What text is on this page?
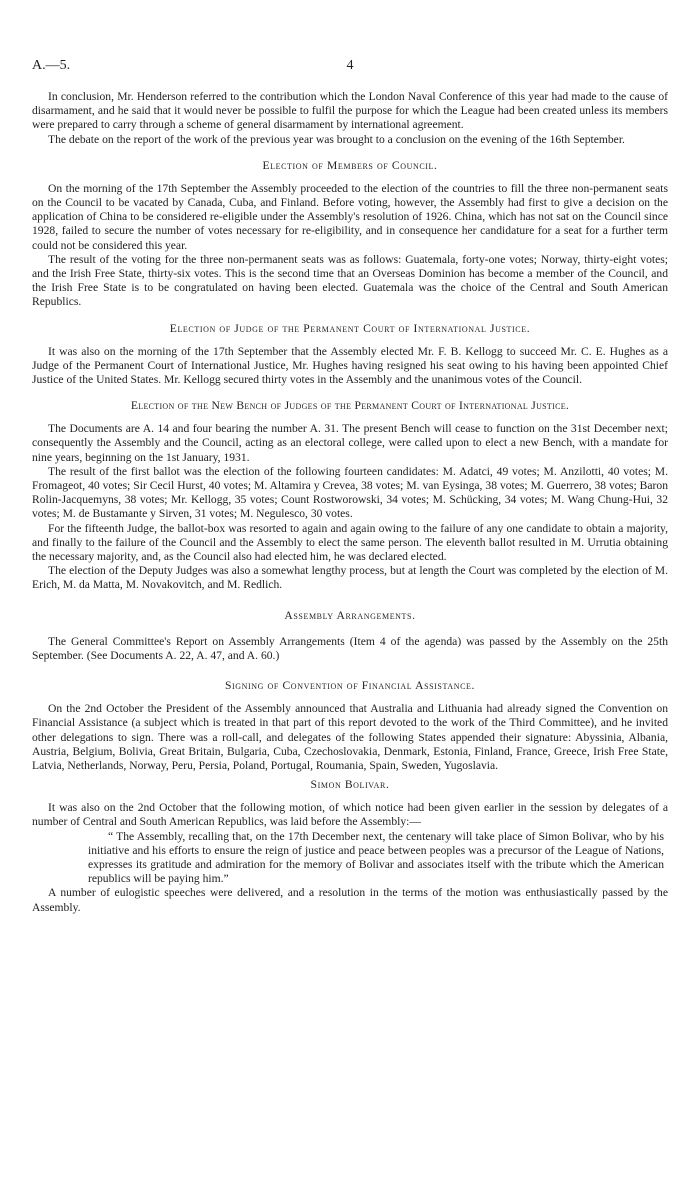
A.—5.	4

In conclusion, Mr. Henderson referred to the contribution which the London Naval Conference of this year had made to the cause of disarmament, and he said that it would never be possible to fulfil the purpose for which the League had been created unless its members were prepared to carry through a scheme of general disarmament by international agreement.

The debate on the report of the work of the previous year was brought to a conclusion on the evening of the 16th September.

Election of Members of Council.

On the morning of the 17th September the Assembly proceeded to the election of the countries to fill the three non-permanent seats on the Council to be vacated by Canada, Cuba, and Finland. Before voting, however, the Assembly had first to give a decision on the application of China to be considered re-eligible under the Assembly's resolution of 1926. China, which has not sat on the Council since 1928, failed to secure the number of votes necessary for re-eligibility, and in consequence her candidature for a seat for a further term could not be considered this year.

The result of the voting for the three non-permanent seats was as follows: Guatemala, forty-one votes; Norway, thirty-eight votes; and the Irish Free State, thirty-six votes. This is the second time that an Overseas Dominion has become a member of the Council, and the Irish Free State is to be congratulated on having been elected. Guatemala was the choice of the Central and South American Republics.

Election of Judge of the Permanent Court of International Justice.

It was also on the morning of the 17th September that the Assembly elected Mr. F. B. Kellogg to succeed Mr. C. E. Hughes as a Judge of the Permanent Court of International Justice, Mr. Hughes having resigned his seat owing to his having been appointed Chief Justice of the United States. Mr. Kellogg secured thirty votes in the Assembly and the unanimous votes of the Council.

Election of the New Bench of Judges of the Permanent Court of International Justice.

The Documents are A. 14 and four bearing the number A. 31. The present Bench will cease to function on the 31st December next; consequently the Assembly and the Council, acting as an electoral college, were called upon to elect a new Bench, with a mandate for nine years, beginning on the 1st January, 1931.

The result of the first ballot was the election of the following fourteen candidates: M. Adatci, 49 votes; M. Anzilotti, 40 votes; M. Fromageot, 40 votes; Sir Cecil Hurst, 40 votes; M. Altamira y Crevea, 38 votes; M. van Eysinga, 38 votes; M. Guerrero, 38 votes; Baron Rolin-Jacquemyns, 38 votes; Mr. Kellogg, 35 votes; Count Rostworowski, 34 votes; M. Schücking, 34 votes; M. Wang Chung-Hui, 32 votes; M. de Bustamante y Sirven, 31 votes; M. Negulesco, 30 votes.

For the fifteenth Judge, the ballot-box was resorted to again and again owing to the failure of any one candidate to obtain a majority, and finally to the failure of the Council and the Assembly to elect the same person. The eleventh ballot resulted in M. Urrutia obtaining the necessary majority, and, as the Council also had elected him, he was declared elected.

The election of the Deputy Judges was also a somewhat lengthy process, but at length the Court was completed by the election of M. Erich, M. da Matta, M. Novakovitch, and M. Redlich.

Assembly Arrangements.

The General Committee's Report on Assembly Arrangements (Item 4 of the agenda) was passed by the Assembly on the 25th September. (See Documents A. 22, A. 47, and A. 60.)

Signing of Convention of Financial Assistance.

On the 2nd October the President of the Assembly announced that Australia and Lithuania had already signed the Convention on Financial Assistance (a subject which is treated in that part of this report devoted to the work of the Third Committee), and he invited other delegations to sign. There was a roll-call, and delegates of the following States appended their signature: Abyssinia, Albania, Austria, Belgium, Bolivia, Great Britain, Bulgaria, Cuba, Czechoslovakia, Denmark, Estonia, Finland, France, Greece, Irish Free State, Latvia, Netherlands, Norway, Peru, Persia, Poland, Portugal, Roumania, Spain, Sweden, Yugoslavia.

Simon Bolivar.

It was also on the 2nd October that the following motion, of which notice had been given earlier in the session by delegates of a number of Central and South American Republics, was laid before the Assembly:—

“ The Assembly, recalling that, on the 17th December next, the centenary will take place of Simon Bolivar, who by his initiative and his efforts to ensure the reign of justice and peace between peoples was a precursor of the League of Nations, expresses its gratitude and admiration for the memory of Bolivar and associates itself with the tribute which the American republics will be paying him.”

A number of eulogistic speeches were delivered, and a resolution in the terms of the motion was enthusiastically passed by the Assembly.
